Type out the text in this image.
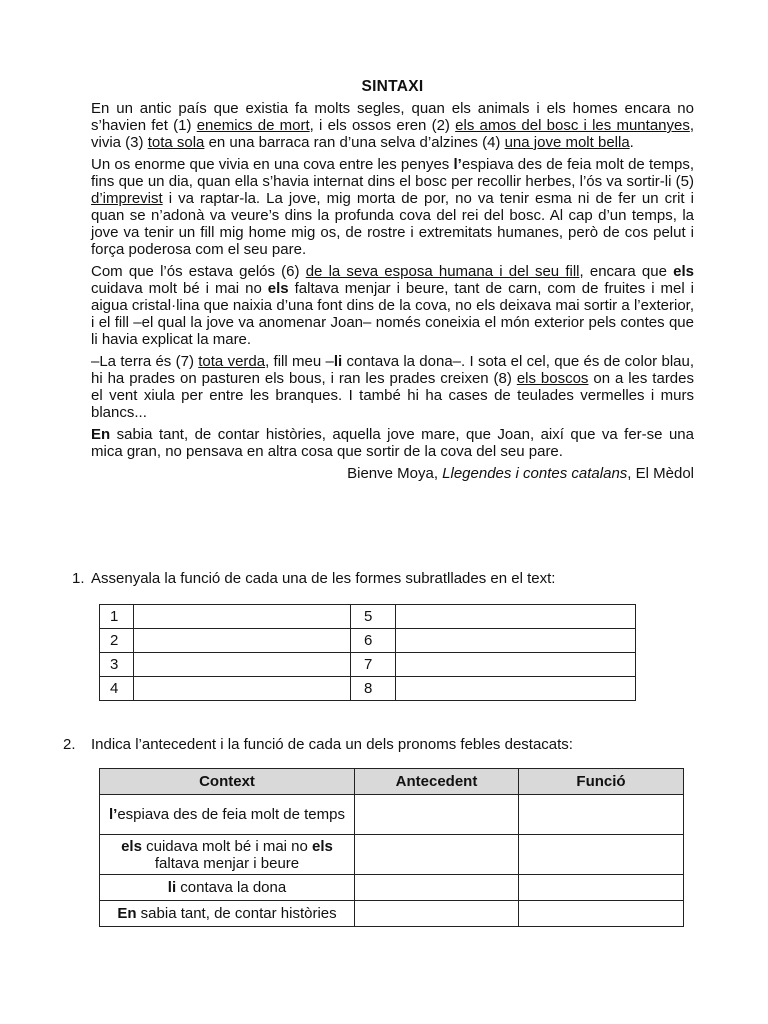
SINTAXI

En un antic país que existia fa molts segles, quan els animals i els homes encara no s’havien fet (1) enemics de mort, i els ossos eren (2) els amos del bosc i les muntanyes, vivia (3) tota sola en una barraca ran d’una selva d’alzines (4) una jove molt bella.

Un os enorme que vivia en una cova entre les penyes l’espiava des de feia molt de temps, fins que un dia, quan ella s’havia internat dins el bosc per recollir herbes, l’ós va sortir-li (5) d’imprevist i va raptar-la. La jove, mig morta de por, no va tenir esma ni de fer un crit i quan se n’adonà va veure’s dins la profunda cova del rei del bosc. Al cap d’un temps, la jove va tenir un fill mig home mig os, de rostre i extremitats humanes, però de cos pelut i força poderosa com el seu pare.

Com que l’ós estava gelós (6) de la seva esposa humana i del seu fill, encara que els cuidava molt bé i mai no els faltava menjar i beure, tant de carn, com de fruites i mel i aigua cristal·lina que naixia d’una font dins de la cova, no els deixava mai sortir a l’exterior, i el fill –el qual la jove va anomenar Joan– només coneixia el món exterior pels contes que li havia explicat la mare.

–La terra és (7) tota verda, fill meu –li contava la dona–. I sota el cel, que és de color blau, hi ha prades on pasturen els bous, i ran les prades creixen (8) els boscos on a les tardes el vent xiula per entre les branques. I també hi ha cases de teulades vermelles i murs blancs...

En sabia tant, de contar històries, aquella jove mare, que Joan, així que va fer-se una mica gran, no pensava en altra cosa que sortir de la cova del seu pare.

Bienve Moya, Llegendes i contes catalans, El Mèdol

1. Assenyala la funció de cada una de les formes subratllades en el text:
1		5	
2		6	
3		7	
4		8	
2. Indica l’antecedent i la funció de cada un dels pronoms febles destacats:
Context	Antecedent	Funció
l’espiava des de feia molt de temps		
els cuidava molt bé i mai no els faltava menjar i beure		
li contava la dona		
En sabia tant, de contar històries		
